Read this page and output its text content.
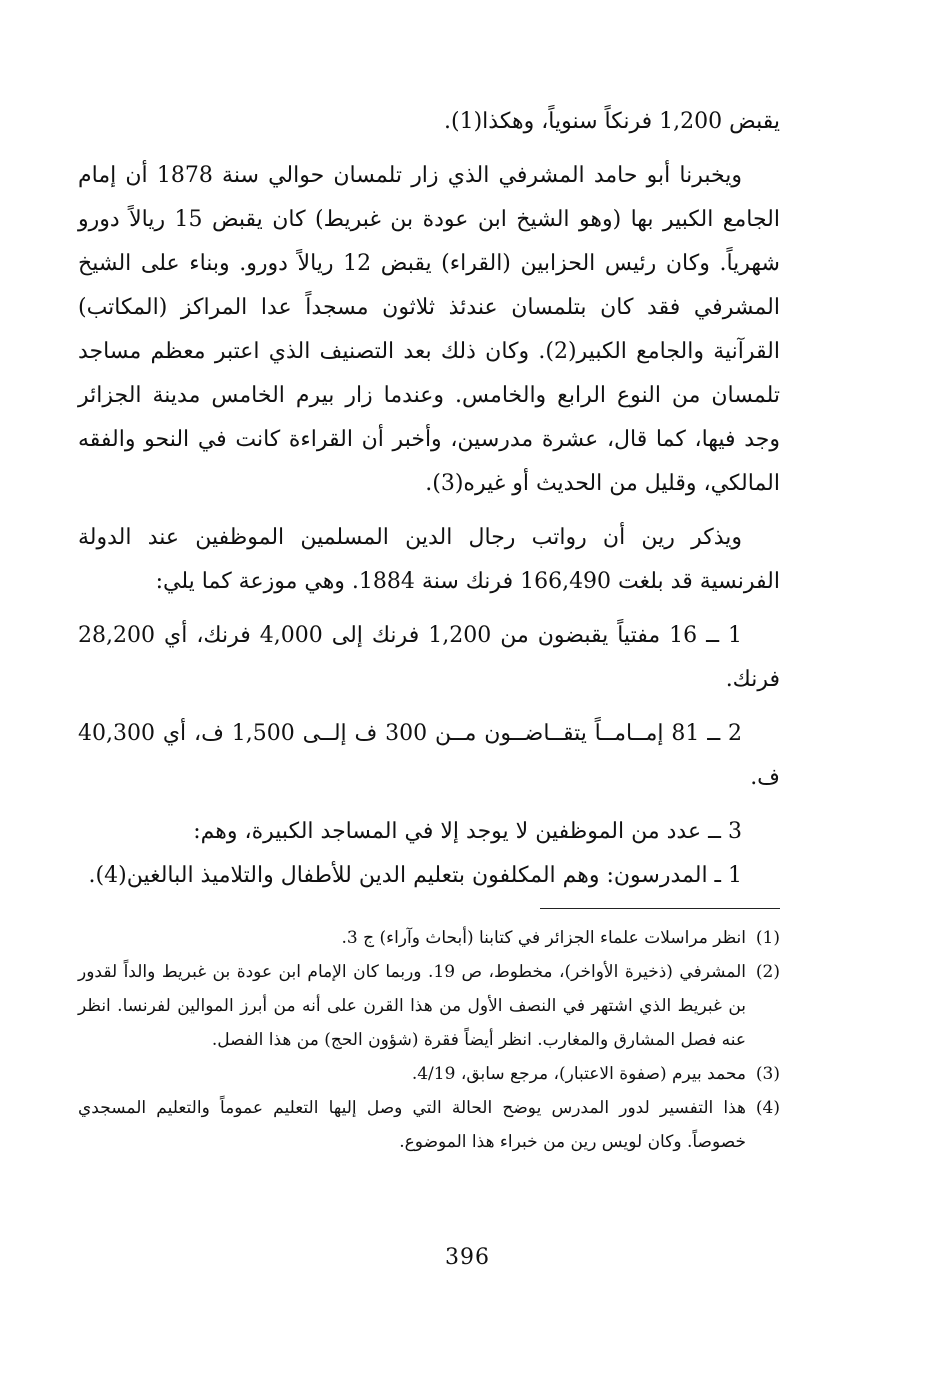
يقبض 1,200 فرنكاً سنوياً، وهكذا(1).

ويخبرنا أبو حامد المشرفي الذي زار تلمسان حوالي سنة 1878 أن إمام الجامع الكبير بها (وهو الشيخ ابن عودة بن غبريط) كان يقبض 15 ريالاً دورو شهرياً. وكان رئيس الحزابين (القراء) يقبض 12 ريالاً دورو. وبناء على الشيخ المشرفي فقد كان بتلمسان عندئذ ثلاثون مسجداً عدا المراكز (المكاتب) القرآنية والجامع الكبير(2). وكان ذلك بعد التصنيف الذي اعتبر معظم مساجد تلمسان من النوع الرابع والخامس. وعندما زار بيرم الخامس مدينة الجزائر وجد فيها، كما قال، عشرة مدرسين، وأخبر أن القراءة كانت في النحو والفقه المالكي، وقليل من الحديث أو غيره(3).

ويذكر رين أن رواتب رجال الدين المسلمين الموظفين عند الدولة الفرنسية قد بلغت 166,490 فرنك سنة 1884. وهي موزعة كما يلي:

1 ــ 16 مفتياً يقبضون من 1,200 فرنك إلى 4,000 فرنك، أي 28,200 فرنك.

2 ــ 81 إمــامــاً يتقــاضــون مــن 300 ف إلــى 1,500 ف، أي 40,300 ف.

3 ــ عدد من الموظفين لا يوجد إلا في المساجد الكبيرة، وهم:

1 ـ المدرسون: وهم المكلفون بتعليم الدين للأطفال والتلاميذ البالغين(4).

(1)
انظر مراسلات علماء الجزائر في كتابنا (أبحاث وآراء) ج 3.
(2)
المشرفي (ذخيرة الأواخر)، مخطوط، ص 19. وربما كان الإمام ابن عودة بن غبريط والداً لقدور بن غبريط الذي اشتهر في النصف الأول من هذا القرن على أنه من أبرز الموالين لفرنسا. انظر عنه فصل المشارق والمغارب. انظر أيضاً فقرة (شؤون الحج) من هذا الفصل.
(3)
محمد بيرم (صفوة الاعتبار)، مرجع سابق، 4/19.
(4)
هذا التفسير لدور المدرس يوضح الحالة التي وصل إليها التعليم عموماً والتعليم المسجدي خصوصاً. وكان لويس رين من خبراء هذا الموضوع.
396
